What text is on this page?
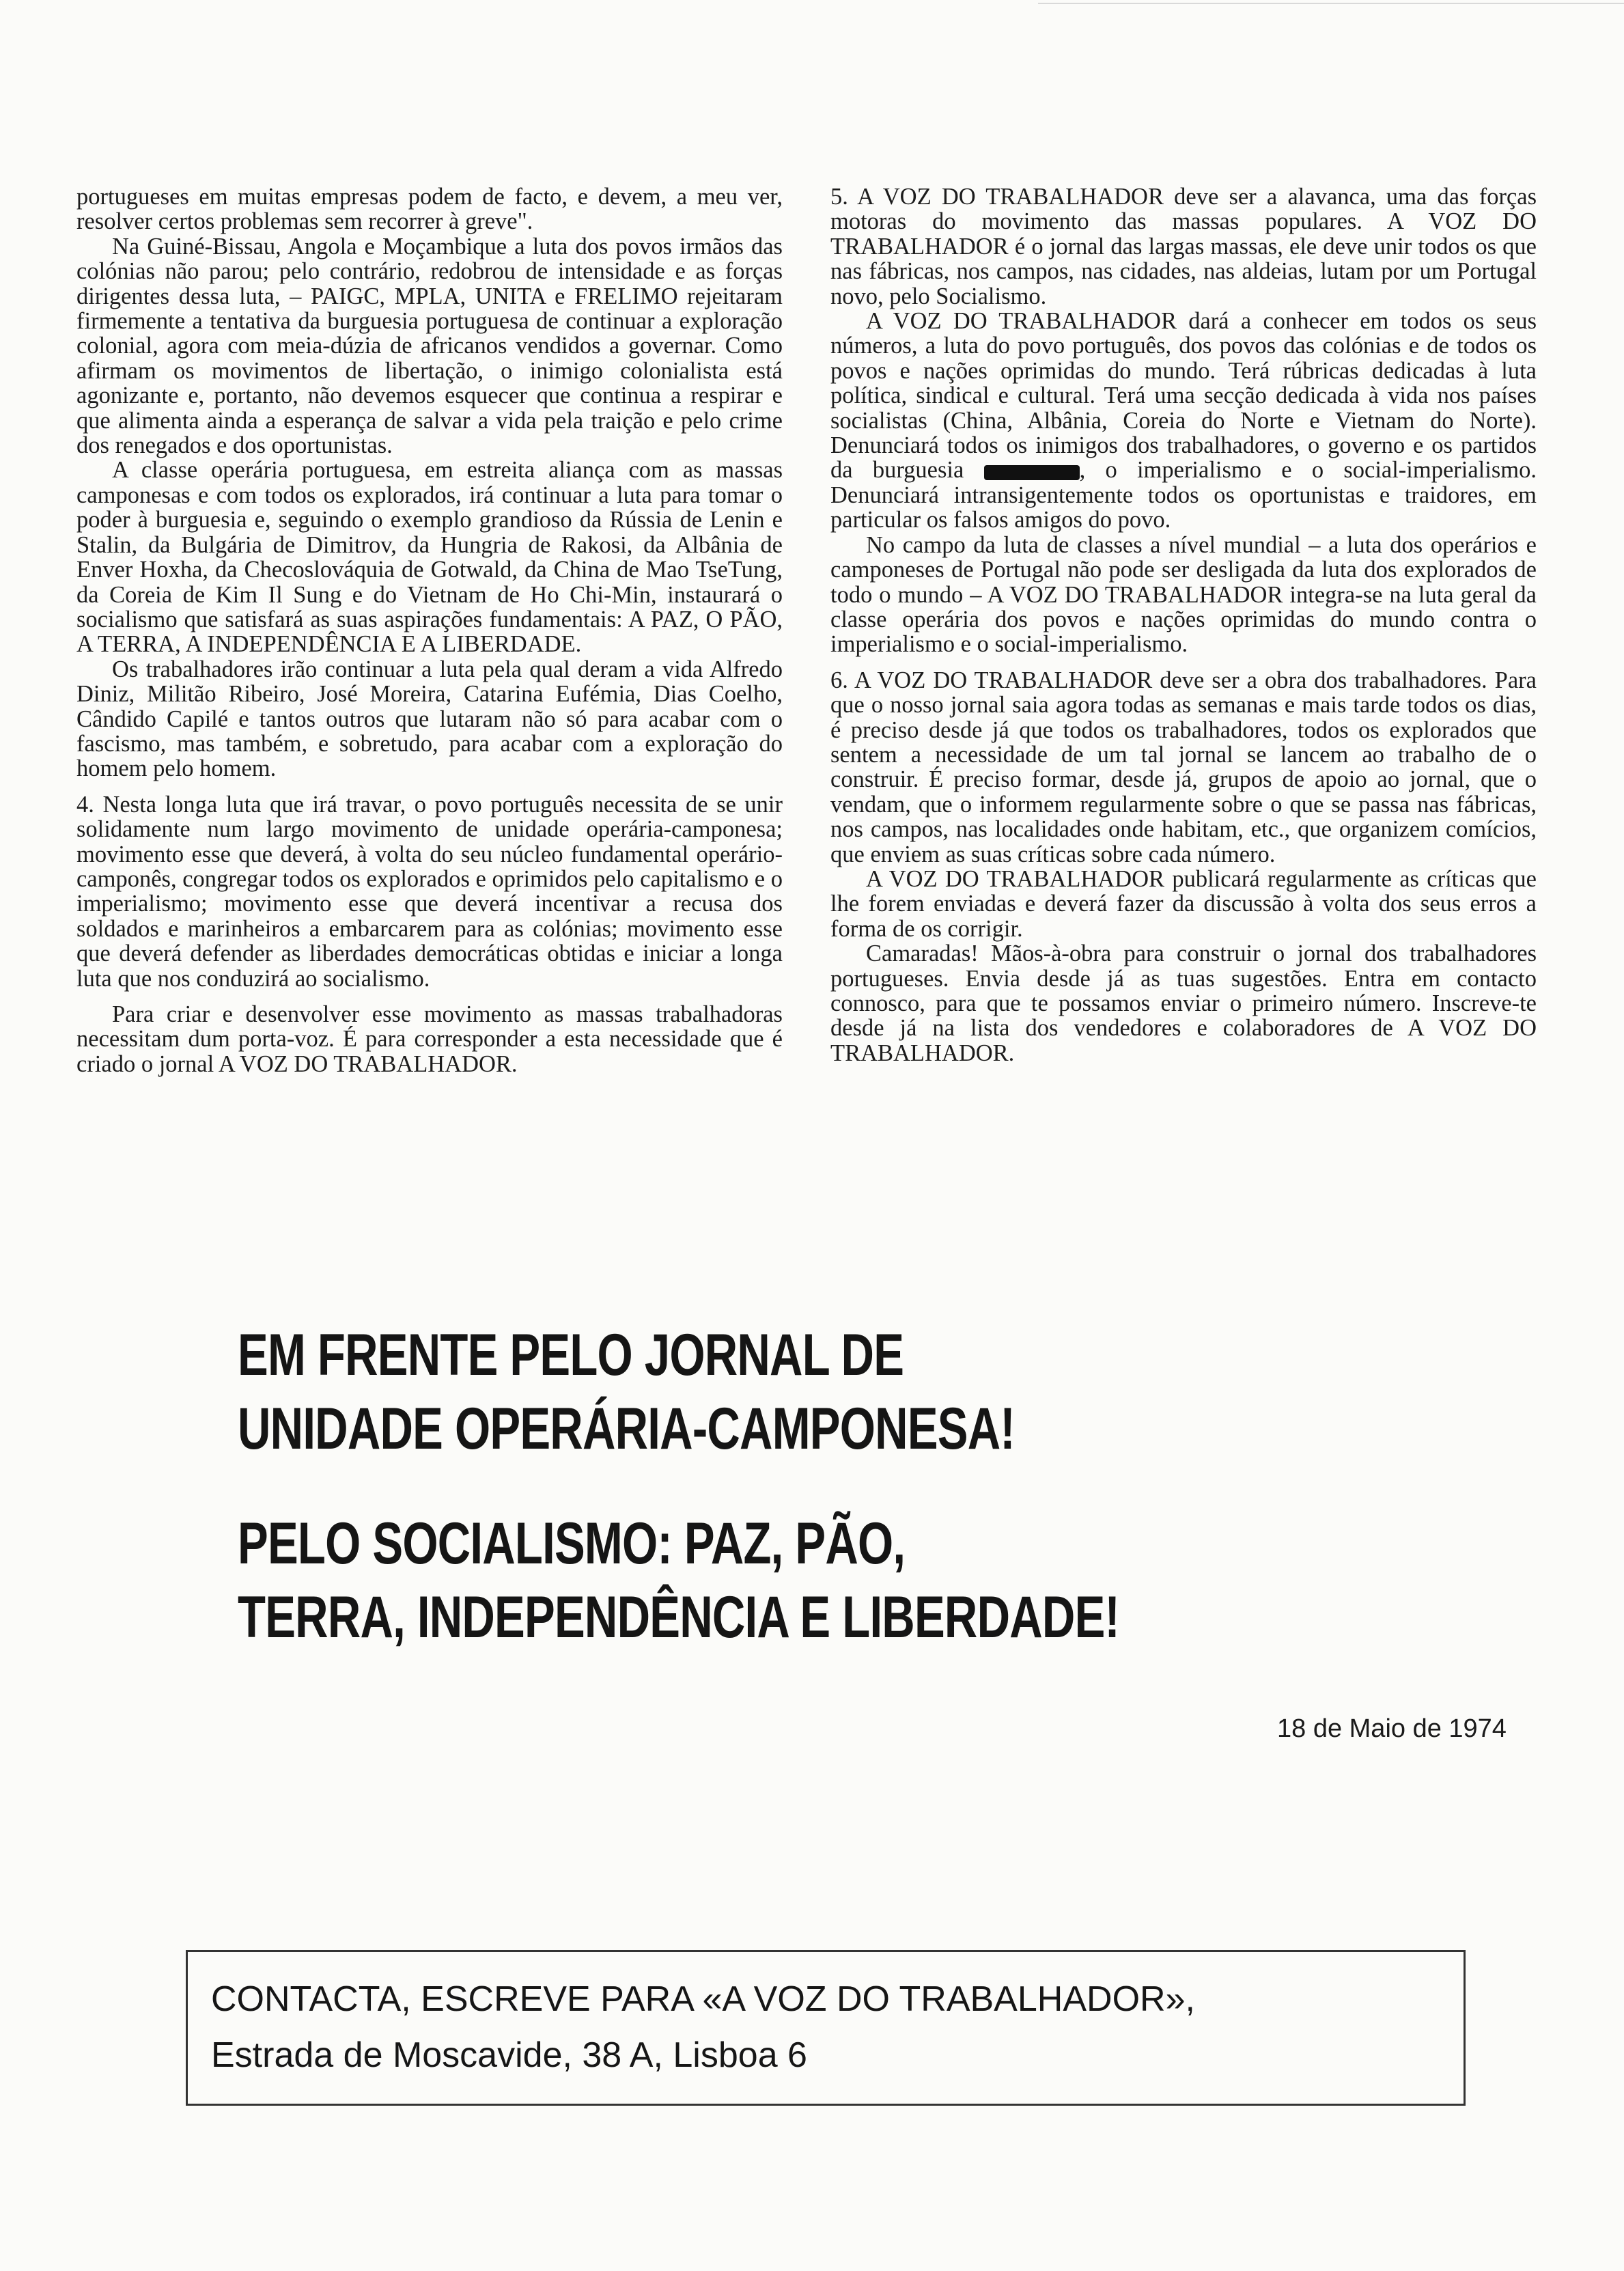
portugueses em muitas empresas podem de facto, e devem, a meu ver, resolver certos problemas sem recorrer à greve".

Na Guiné-Bissau, Angola e Moçambique a luta dos povos irmãos das colónias não parou; pelo contrário, redobrou de intensidade e as forças dirigentes dessa luta, – PAIGC, MPLA, UNITA e FRELIMO rejeitaram firmemente a tentativa da burguesia portuguesa de continuar a exploração colonial, agora com meia-dúzia de africanos vendidos a governar. Como afirmam os movimentos de libertação, o inimigo colonialista está agonizante e, portanto, não devemos esquecer que continua a respirar e que alimenta ainda a esperança de salvar a vida pela traição e pelo crime dos renegados e dos oportunistas.

A classe operária portuguesa, em estreita aliança com as massas camponesas e com todos os explorados, irá continuar a luta para tomar o poder à burguesia e, seguindo o exemplo grandioso da Rússia de Lenin e Stalin, da Bulgária de Dimitrov, da Hungria de Rakosi, da Albânia de Enver Hoxha, da Checoslováquia de Gotwald, da China de Mao TseTung, da Coreia de Kim Il Sung e do Vietnam de Ho Chi-Min, instaurará o socialismo que satisfará as suas aspirações fundamentais: A PAZ, O PÃO, A TERRA, A INDEPENDÊNCIA E A LIBERDADE.

Os trabalhadores irão continuar a luta pela qual deram a vida Alfredo Diniz, Militão Ribeiro, José Moreira, Catarina Eufémia, Dias Coelho, Cândido Capilé e tantos outros que lutaram não só para acabar com o fascismo, mas também, e sobretudo, para acabar com a exploração do homem pelo homem.

4. Nesta longa luta que irá travar, o povo português necessita de se unir solidamente num largo movimento de unidade operária-camponesa; movimento esse que deverá, à volta do seu núcleo fundamental operário-camponês, congregar todos os explorados e oprimidos pelo capitalismo e o imperialismo; movimento esse que deverá incentivar a recusa dos soldados e marinheiros a embarcarem para as colónias; movimento esse que deverá defender as liberdades democráticas obtidas e iniciar a longa luta que nos conduzirá ao socialismo.

Para criar e desenvolver esse movimento as massas trabalhadoras necessitam dum porta-voz. É para corresponder a esta necessidade que é criado o jornal A VOZ DO TRABALHADOR.

5. A VOZ DO TRABALHADOR deve ser a alavanca, uma das forças motoras do movimento das massas populares. A VOZ DO TRABALHADOR é o jornal das largas massas, ele deve unir todos os que nas fábricas, nos campos, nas cidades, nas aldeias, lutam por um Portugal novo, pelo Socialismo.

A VOZ DO TRABALHADOR dará a conhecer em todos os seus números, a luta do povo português, dos povos das colónias e de todos os povos e nações oprimidas do mundo. Terá rúbricas dedicadas à luta política, sindical e cultural. Terá uma secção dedicada à vida nos países socialistas (China, Albânia, Coreia do Norte e Vietnam do Norte). Denunciará todos os inimigos dos trabalhadores, o governo e os partidos da burguesia	, o imperialismo e o social-imperialismo. Denunciará intransigentemente todos os oportunistas e traidores, em particular os falsos amigos do povo.

No campo da luta de classes a nível mundial – a luta dos operários e camponeses de Portugal não pode ser desligada da luta dos explorados de todo o mundo – A VOZ DO TRABALHADOR integra-se na luta geral da classe operária dos povos e nações oprimidas do mundo contra o imperialismo e o social-imperialismo.

6. A VOZ DO TRABALHADOR deve ser a obra dos trabalhadores. Para que o nosso jornal saia agora todas as semanas e mais tarde todos os dias, é preciso desde já que todos os trabalhadores, todos os explorados que sentem a necessidade de um tal jornal se lancem ao trabalho de o construir. É preciso formar, desde já, grupos de apoio ao jornal, que o vendam, que o informem regularmente sobre o que se passa nas fábricas, nos campos, nas localidades onde habitam, etc., que organizem comícios, que enviem as suas críticas sobre cada número.

A VOZ DO TRABALHADOR publicará regularmente as críticas que lhe forem enviadas e deverá fazer da discussão à volta dos seus erros a forma de os corrigir.

Camaradas! Mãos-à-obra para construir o jornal dos trabalhadores portugueses. Envia desde já as tuas sugestões. Entra em contacto connosco, para que te possamos enviar o primeiro número. Inscreve-te desde já na lista dos vendedores e colaboradores de A VOZ DO TRABALHADOR.

EM FRENTE PELO JORNAL DE
UNIDADE OPERÁRIA-CAMPONESA!
PELO SOCIALISMO: PAZ, PÃO,
TERRA, INDEPENDÊNCIA E LIBERDADE!
18 de Maio de 1974
CONTACTA, ESCREVE PARA «A VOZ DO TRABALHADOR»,
Estrada de Moscavide, 38 A, Lisboa 6
